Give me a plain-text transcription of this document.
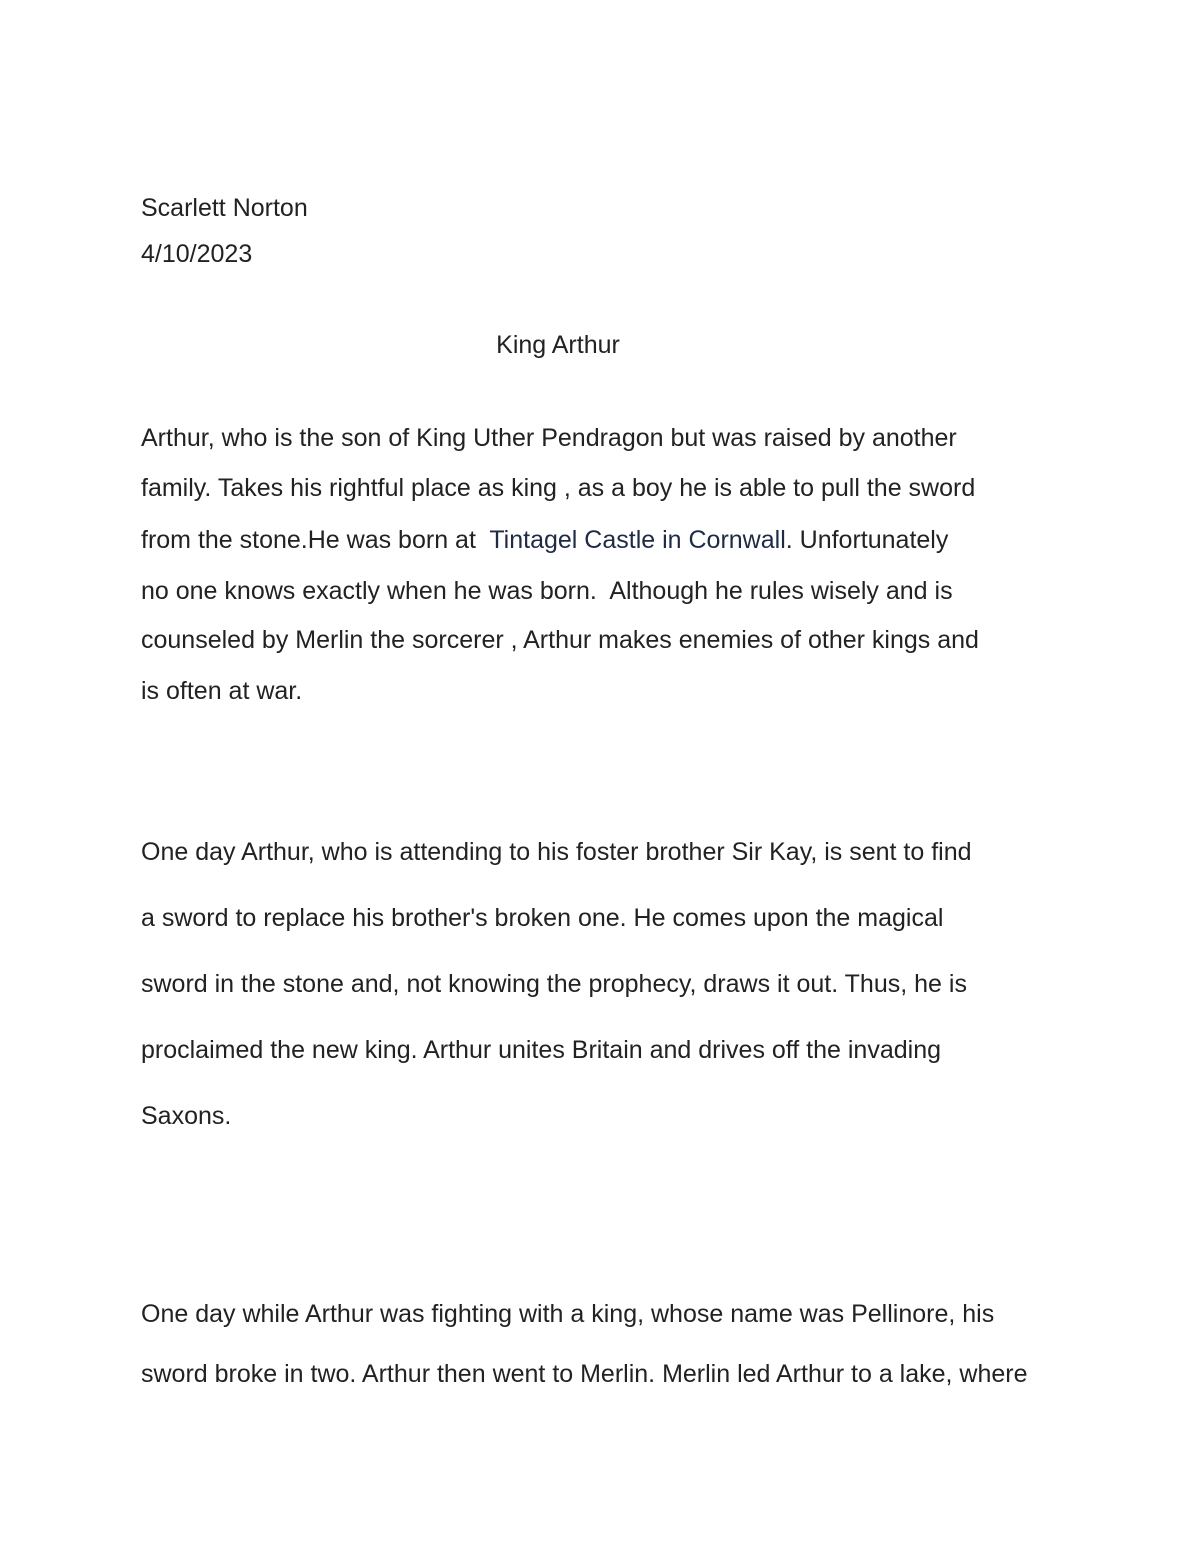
Scarlett Norton
4/10/2023
King Arthur
Arthur, who is the son of King Uther Pendragon but was raised by another
family. Takes his rightful place as king , as a boy he is able to pull the sword
from the stone.He was born at  Tintagel Castle in Cornwall. Unfortunately
no one knows exactly when he was born.  Although he rules wisely and is
counseled by Merlin the sorcerer , Arthur makes enemies of other kings and
is often at war.
One day Arthur, who is attending to his foster brother Sir Kay, is sent to find
a sword to replace his brother's broken one. He comes upon the magical
sword in the stone and, not knowing the prophecy, draws it out. Thus, he is
proclaimed the new king. Arthur unites Britain and drives off the invading
Saxons.
One day while Arthur was fighting with a king, whose name was Pellinore, his
sword broke in two. Arthur then went to Merlin. Merlin led Arthur to a lake, where
